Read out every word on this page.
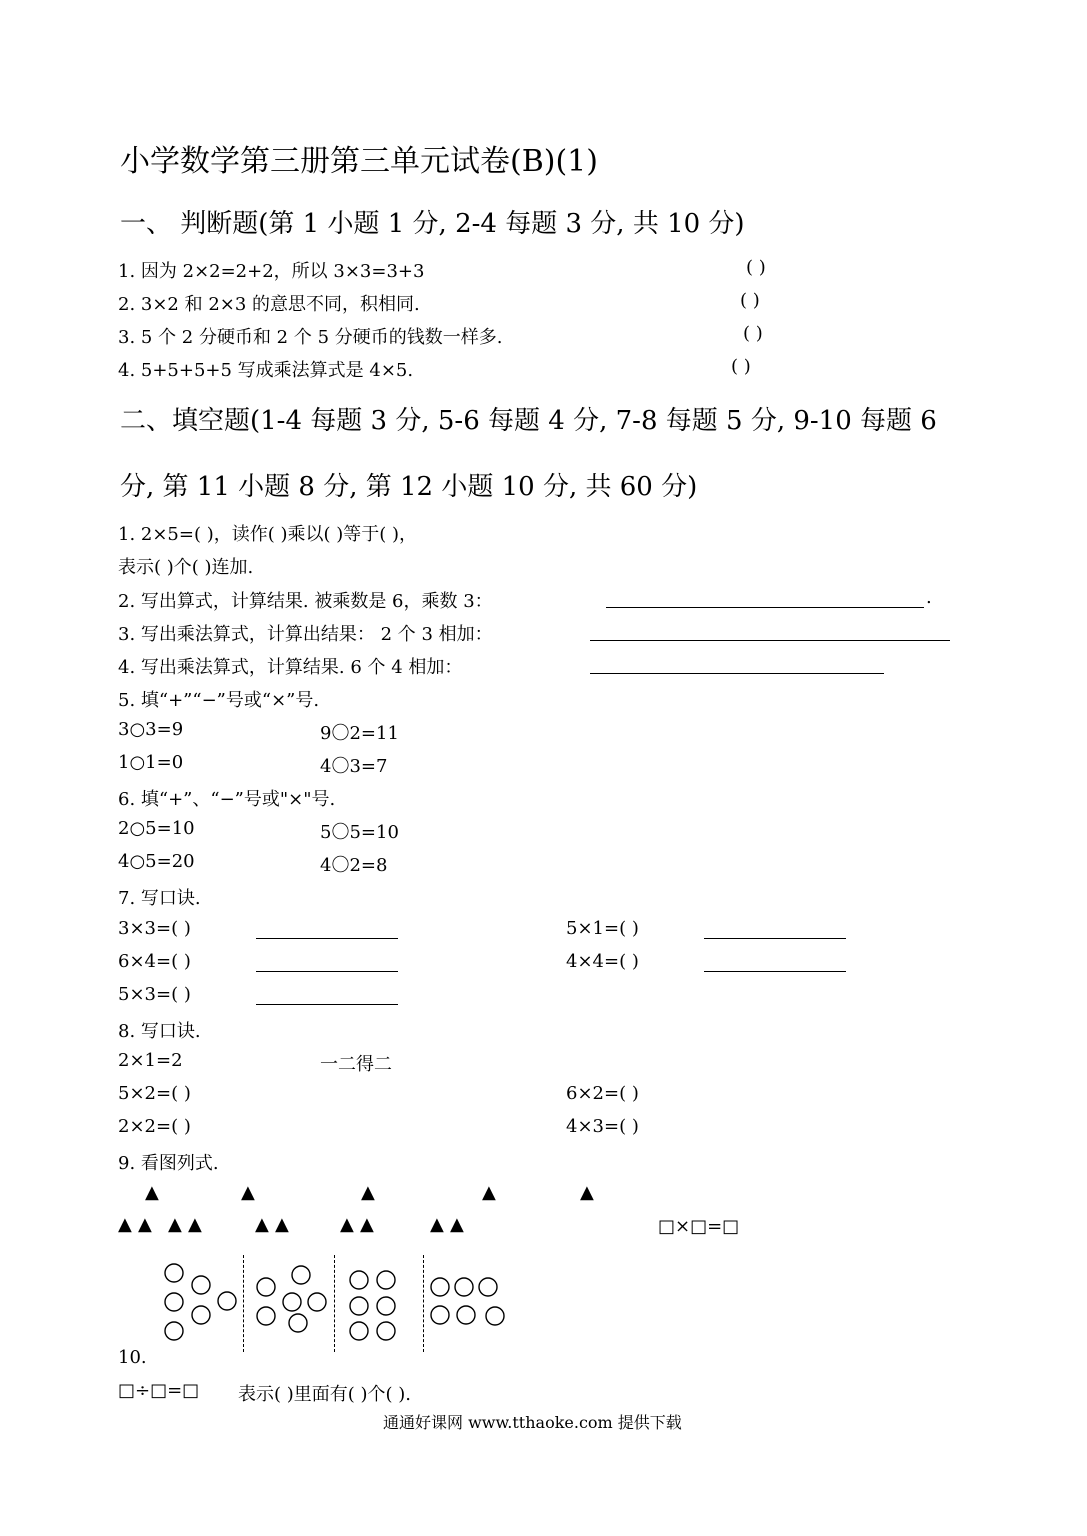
小学数学第三册第三单元试卷(B)(1)
一、 判断题(第 1 小题 1 分, 2-4 每题 3 分, 共 10 分)
1. 因为 2×2=2+2，所以 3×3=3+3	( )
2. 3×2 和 2×3 的意思不同，积相同.	( )
3. 5 个 2 分硬币和 2 个 5 分硬币的钱数一样多.	( )
4. 5+5+5+5 写成乘法算式是 4×5.	( )
二、填空题(1-4 每题 3 分, 5-6 每题 4 分, 7-8 每题 5 分, 9-10 每题 6
分, 第 11 小题 8 分, 第 12 小题 10 分, 共 60 分)
1. 2×5=( )，读作( )乘以( )等于( )，
表示( )个( )连加.
2. 写出算式，计算结果. 被乘数是 6，乘数 3：	.
3. 写出乘法算式，计算出结果： 2 个 3 相加：
4. 写出乘法算式，计算结果. 6 个 4 相加：
5. 填“+”“−”号或“×”号.
3○3=9	9〇2=11
1○1=0	4〇3=7
6. 填“+”、“−”号或"×"号.
2○5=10	5〇5=10
4○5=20	4〇2=8
7. 写口诀.
3×3=( )	5×1=( )
6×4=( )	4×4=( )
5×3=( )
8. 写口诀.
2×1=2	一二得二
5×2=( )	6×2=( )
2×2=( )	4×3=( )
9. 看图列式.
▲	▲	▲	▲	▲
▲ ▲ ▲ ▲	▲ ▲	▲ ▲	▲ ▲	□×□=□
10.
□÷□=□ 表示( )里面有( )个( ).
通通好课网 www.tthaoke.com 提供下载
